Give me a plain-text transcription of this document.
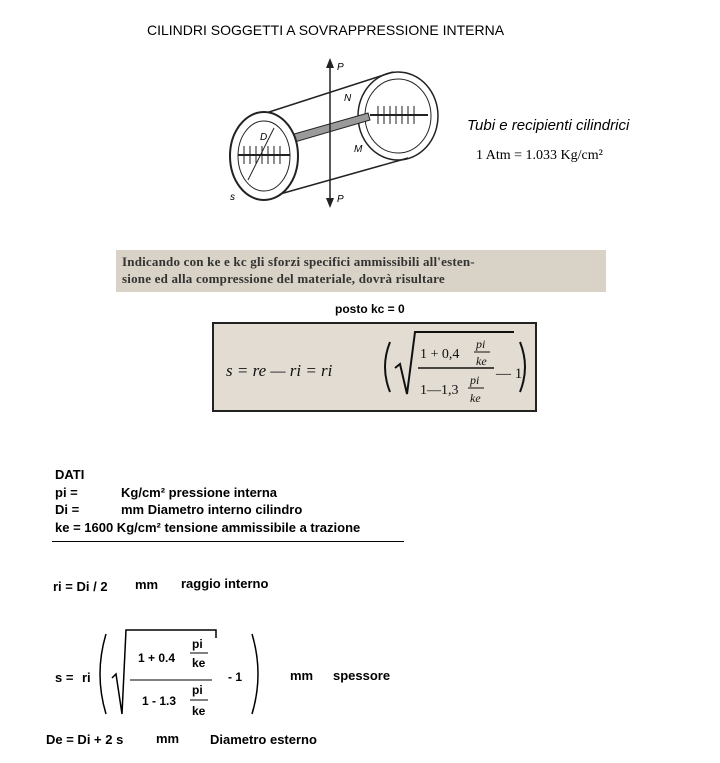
CILINDRI SOGGETTI A SOVRAPPRESSIONE INTERNA
P
P
N
M
D
s
Tubi e recipienti cilindrici
1 Atm = 1.033 Kg/cm²
Indicando con ke e kc gli sforzi specifici ammissibili all'esten-
sione ed alla compressione del materiale, dovrà risultare
posto kc = 0
s = re — ri = ri
1 + 0,4
1—1,3
pi
ke
pi
ke
— 1
DATI
pi =	Kg/cm² pressione interna
Di =	mm Diametro interno cilindro
ke = 1600 Kg/cm² tensione ammissibile a trazione
ri = Di / 2 mm raggio interno
s = ri
1 + 0.4
1 - 1.3
pi
ke
pi
ke
- 1	mm spessore
De = Di + 2 s	mm Diametro esterno
